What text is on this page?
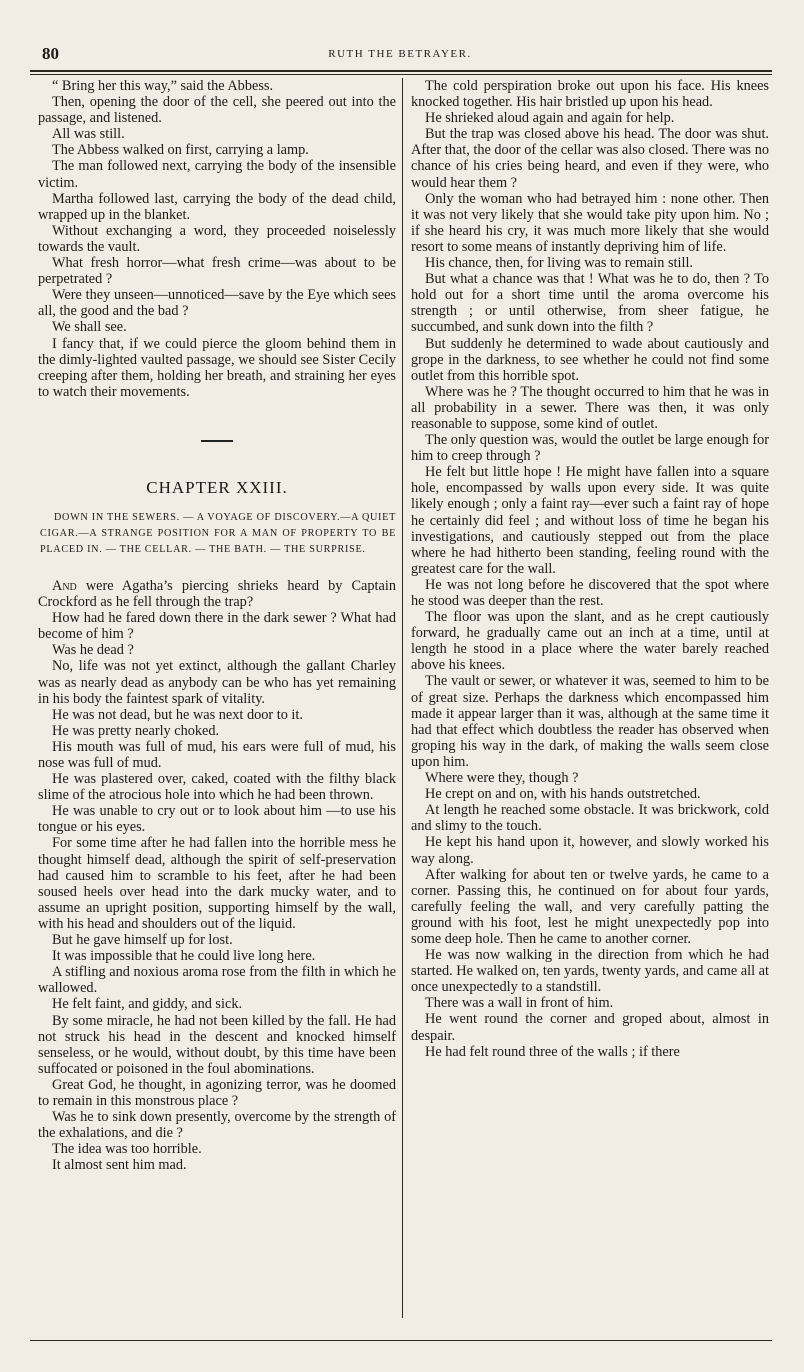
80	RUTH THE BETRAYER.

“ Bring her this way,” said the Abbess.

Then, opening the door of the cell, she peered out into the passage, and listened.

All was still.

The Abbess walked on first, carrying a lamp.

The man followed next, carrying the body of the insensible victim.

Martha followed last, carrying the body of the dead child, wrapped up in the blanket.

Without exchanging a word, they proceeded noiselessly towards the vault.

What fresh horror—what fresh crime—was about to be perpetrated ?

Were they unseen—unnoticed—save by the Eye which sees all, the good and the bad ?

We shall see.

I fancy that, if we could pierce the gloom behind them in the dimly-lighted vaulted passage, we should see Sister Cecily creeping after them, holding her breath, and straining her eyes to watch their movements.

CHAPTER XXIII.

DOWN IN THE SEWERS. — A VOYAGE OF DISCOVERY.—A QUIET CIGAR.—A STRANGE POSITION FOR A MAN OF PROPERTY TO BE PLACED IN. — THE CELLAR. — THE BATH. — THE SURPRISE.

And were Agatha’s piercing shrieks heard by Captain Crockford as he fell through the trap?

How had he fared down there in the dark sewer ? What had become of him ?

Was he dead ?

No, life was not yet extinct, although the gallant Charley was as nearly dead as anybody can be who has yet remaining in his body the faintest spark of vitality.

He was not dead, but he was next door to it.

He was pretty nearly choked.

His mouth was full of mud, his ears were full of mud, his nose was full of mud.

He was plastered over, caked, coated with the filthy black slime of the atrocious hole into which he had been thrown.

He was unable to cry out or to look about him —to use his tongue or his eyes.

For some time after he had fallen into the horrible mess he thought himself dead, although the spirit of self-preservation had caused him to scramble to his feet, after he had been soused heels over head into the dark mucky water, and to assume an upright position, supporting himself by the wall, with his head and shoulders out of the liquid.

But he gave himself up for lost.

It was impossible that he could live long here.

A stifling and noxious aroma rose from the filth in which he wallowed.

He felt faint, and giddy, and sick.

By some miracle, he had not been killed by the fall. He had not struck his head in the descent and knocked himself senseless, or he would, without doubt, by this time have been suffocated or poisoned in the foul abominations.

Great God, he thought, in agonizing terror, was he doomed to remain in this monstrous place ?

Was he to sink down presently, overcome by the strength of the exhalations, and die ?

The idea was too horrible.

It almost sent him mad.

The cold perspiration broke out upon his face. His knees knocked together. His hair bristled up upon his head.

He shrieked aloud again and again for help.

But the trap was closed above his head. The door was shut. After that, the door of the cellar was also closed. There was no chance of his cries being heard, and even if they were, who would hear them ?

Only the woman who had betrayed him : none other. Then it was not very likely that she would take pity upon him. No ; if she heard his cry, it was much more likely that she would resort to some means of instantly depriving him of life.

His chance, then, for living was to remain still.

But what a chance was that ! What was he to do, then ? To hold out for a short time until the aroma overcome his strength ; or until otherwise, from sheer fatigue, he succumbed, and sunk down into the filth ?

But suddenly he determined to wade about cautiously and grope in the darkness, to see whether he could not find some outlet from this horrible spot.

Where was he ? The thought occurred to him that he was in all probability in a sewer. There was then, it was only reasonable to suppose, some kind of outlet.

The only question was, would the outlet be large enough for him to creep through ?

He felt but little hope ! He might have fallen into a square hole, encompassed by walls upon every side. It was quite likely enough ; only a faint ray—ever such a faint ray of hope he certainly did feel ; and without loss of time he began his investigations, and cautiously stepped out from the place where he had hitherto been standing, feeling round with the greatest care for the wall.

He was not long before he discovered that the spot where he stood was deeper than the rest.

The floor was upon the slant, and as he crept cautiously forward, he gradually came out an inch at a time, until at length he stood in a place where the water barely reached above his knees.

The vault or sewer, or whatever it was, seemed to him to be of great size. Perhaps the darkness which encompassed him made it appear larger than it was, although at the same time it had that effect which doubtless the reader has observed when groping his way in the dark, of making the walls seem close upon him.

Where were they, though ?

He crept on and on, with his hands outstretched.

At length he reached some obstacle. It was brickwork, cold and slimy to the touch.

He kept his hand upon it, however, and slowly worked his way along.

After walking for about ten or twelve yards, he came to a corner. Passing this, he continued on for about four yards, carefully feeling the wall, and very carefully patting the ground with his foot, lest he might unexpectedly pop into some deep hole. Then he came to another corner.

He was now walking in the direction from which he had started. He walked on, ten yards, twenty yards, and came all at once unexpectedly to a standstill.

There was a wall in front of him.

He went round the corner and groped about, almost in despair.

He had felt round three of the walls ; if there
